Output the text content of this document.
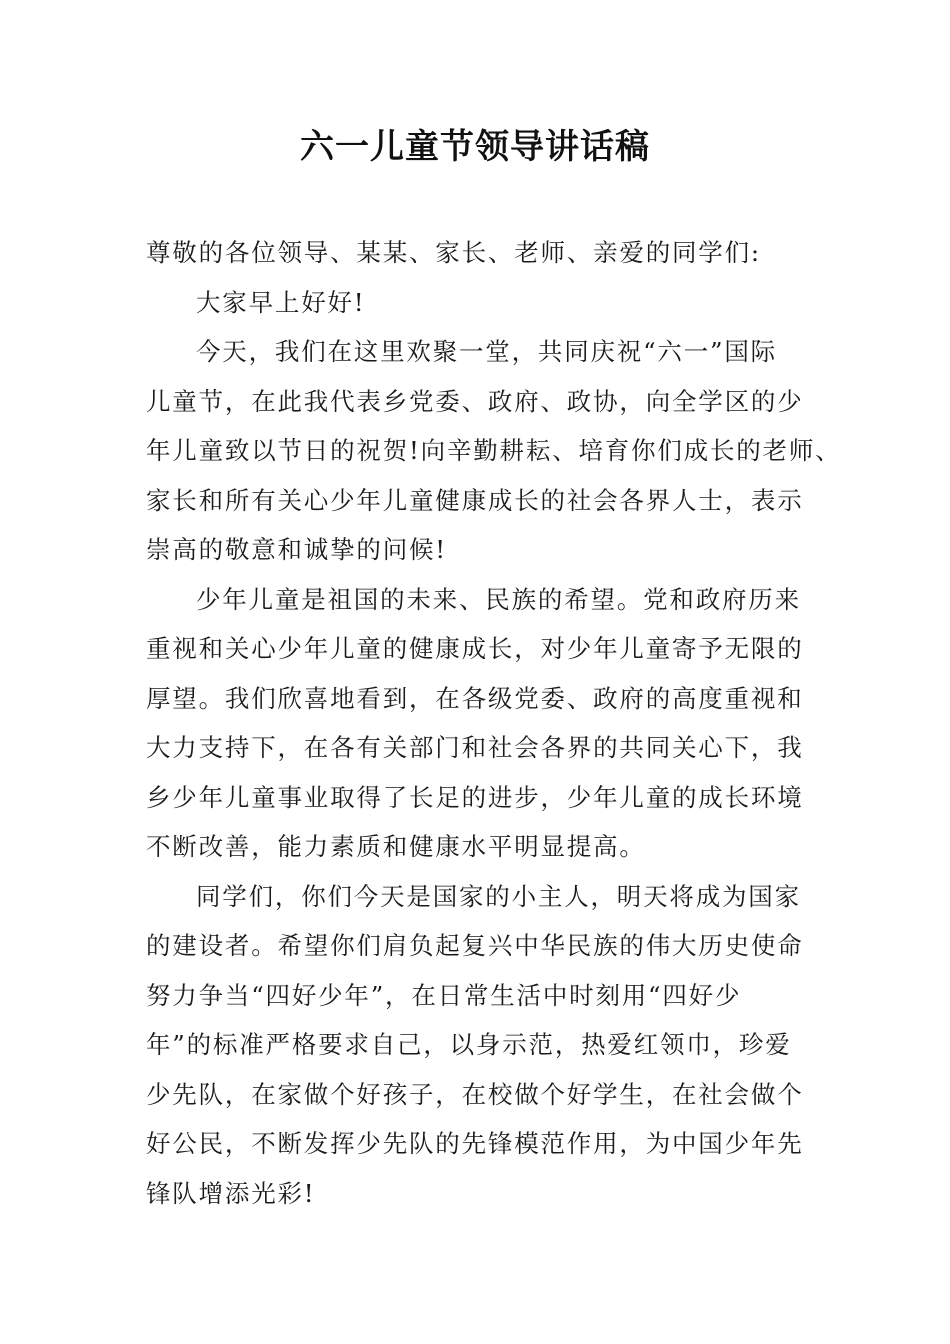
六一儿童节领导讲话稿
尊敬的各位领导、某某、家长、老师、亲爱的同学们:
大家早上好好!
今天，我们在这里欢聚一堂，共同庆祝“六一”国际
儿童节，在此我代表乡党委、政府、政协，向全学区的少
年儿童致以节日的祝贺!向辛勤耕耘、培育你们成长的老师、
家长和所有关心少年儿童健康成长的社会各界人士，表示
崇高的敬意和诚挚的问候!
少年儿童是祖国的未来、民族的希望。党和政府历来
重视和关心少年儿童的健康成长，对少年儿童寄予无限的
厚望。我们欣喜地看到，在各级党委、政府的高度重视和
大力支持下，在各有关部门和社会各界的共同关心下，我
乡少年儿童事业取得了长足的进步，少年儿童的成长环境
不断改善，能力素质和健康水平明显提高。
同学们，你们今天是国家的小主人，明天将成为国家
的建设者。希望你们肩负起复兴中华民族的伟大历史使命
努力争当“四好少年”，在日常生活中时刻用“四好少
年”的标准严格要求自己，以身示范，热爱红领巾，珍爱
少先队，在家做个好孩子，在校做个好学生，在社会做个
好公民，不断发挥少先队的先锋模范作用，为中国少年先
锋队增添光彩!
